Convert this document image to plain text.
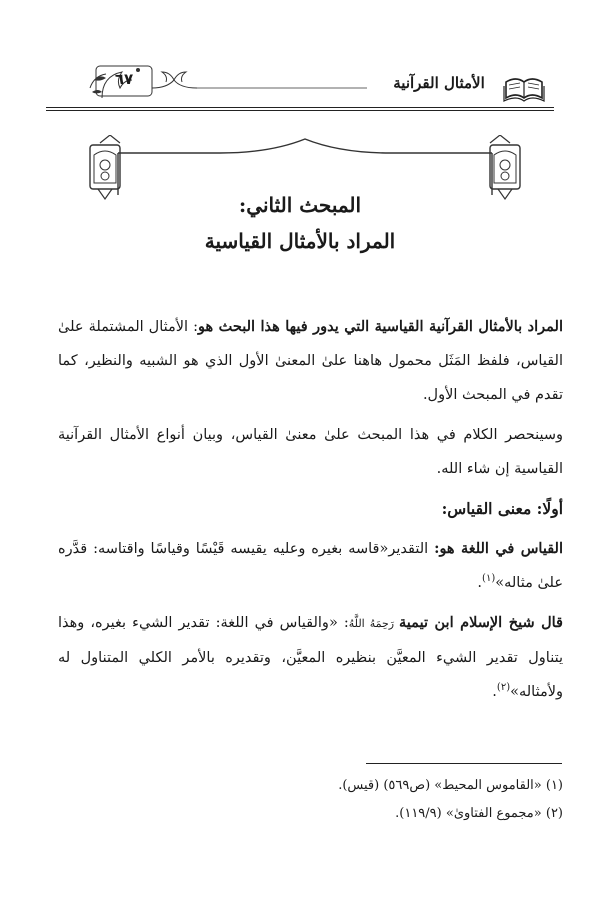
الأمثال القرآنية
٦٧
المبحث الثاني:
المراد بالأمثال القياسية

المراد بالأمثال القرآنية القياسية التي يدور فيها هذا البحث هو: الأمثال المشتملة علىٰ القياس، فلفظ المَثَل محمول هاهنا علىٰ المعنىٰ الأول الذي هو الشبيه والنظير، كما تقدم في المبحث الأول.

وسينحصر الكلام في هذا المبحث علىٰ معنىٰ القياس، وبيان أنواع الأمثال القرآنية القياسية إن شاء الله.

أولًا: معنى القياس:

القياس في اللغة هو: التقدير«قاسه بغيره وعليه يقيسه قَيْسًا وقياسًا واقتاسه: قدَّره علىٰ مثاله»$^{(١)}$.

قال شيخ الإسلام ابن تيمية رَحِمَهُ اللَّهُ: «والقياس في اللغة: تقدير الشيء بغيره، وهذا يتناول تقدير الشيء المعيَّن بنظيره المعيَّن، وتقديره بالأمر الكلي المتناول له ولأمثاله»$^{(٢)}$.

(١) «القاموس المحيط» (ص٥٦٩) (قيس).
(٢) «مجموع الفتاوىٰ» (١١٩/٩).
